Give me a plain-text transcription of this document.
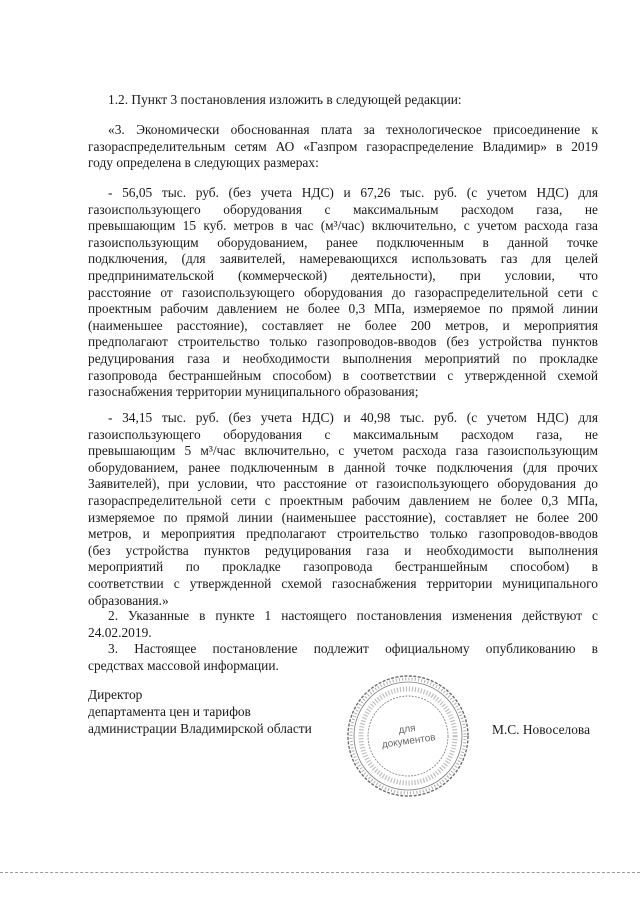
1.2. Пункт 3 постановления изложить в следующей редакции:

«3. Экономически обоснованная плата за технологическое присоединение к
газораспределительным сетям АО «Газпром газораспределение Владимир» в 2019
году определена в следующих размерах:

- 56,05 тыс. руб. (без учета НДС) и 67,26 тыс. руб. (с учетом НДС) для
газоиспользующего оборудования с максимальным расходом газа, не
превышающим 15 куб. метров в час (м³/час) включительно, с учетом расхода газа
газоиспользующим оборудованием, ранее подключенным в данной точке
подключения, (для заявителей, намеревающихся использовать газ для целей
предпринимательской (коммерческой) деятельности), при условии, что
расстояние от газоиспользующего оборудования до газораспределительной сети с
проектным рабочим давлением не более 0,3 МПа, измеряемое по прямой линии
(наименьшее расстояние), составляет не более 200 метров, и мероприятия
предполагают строительство только газопроводов-вводов (без устройства пунктов
редуцирования газа и необходимости выполнения мероприятий по прокладке
газопровода бестраншейным способом) в соответствии с утвержденной схемой
газоснабжения территории муниципального образования;

- 34,15 тыс. руб. (без учета НДС) и 40,98 тыс. руб. (с учетом НДС) для
газоиспользующего оборудования с максимальным расходом газа, не
превышающим 5 м³/час включительно, с учетом расхода газа газоиспользующим
оборудованием, ранее подключенным в данной точке подключения (для прочих
Заявителей), при условии, что расстояние от газоиспользующего оборудования до
газораспределительной сети с проектным рабочим давлением не более 0,3 МПа,
измеряемое по прямой линии (наименьшее расстояние), составляет не более 200
метров, и мероприятия предполагают строительство только газопроводов-вводов
(без устройства пунктов редуцирования газа и необходимости выполнения
мероприятий по прокладке газопровода бестраншейным способом) в
соответствии с утвержденной схемой газоснабжения территории муниципального
образования.»

2. Указанные в пункте 1 настоящего постановления изменения действуют с
24.02.2019.

3. Настоящее постановление подлежит официальному опубликованию в
средствах массовой информации.

Директор
департамента цен и тарифов
администрации Владимирской области	для
документов
М.С. Новоселова
